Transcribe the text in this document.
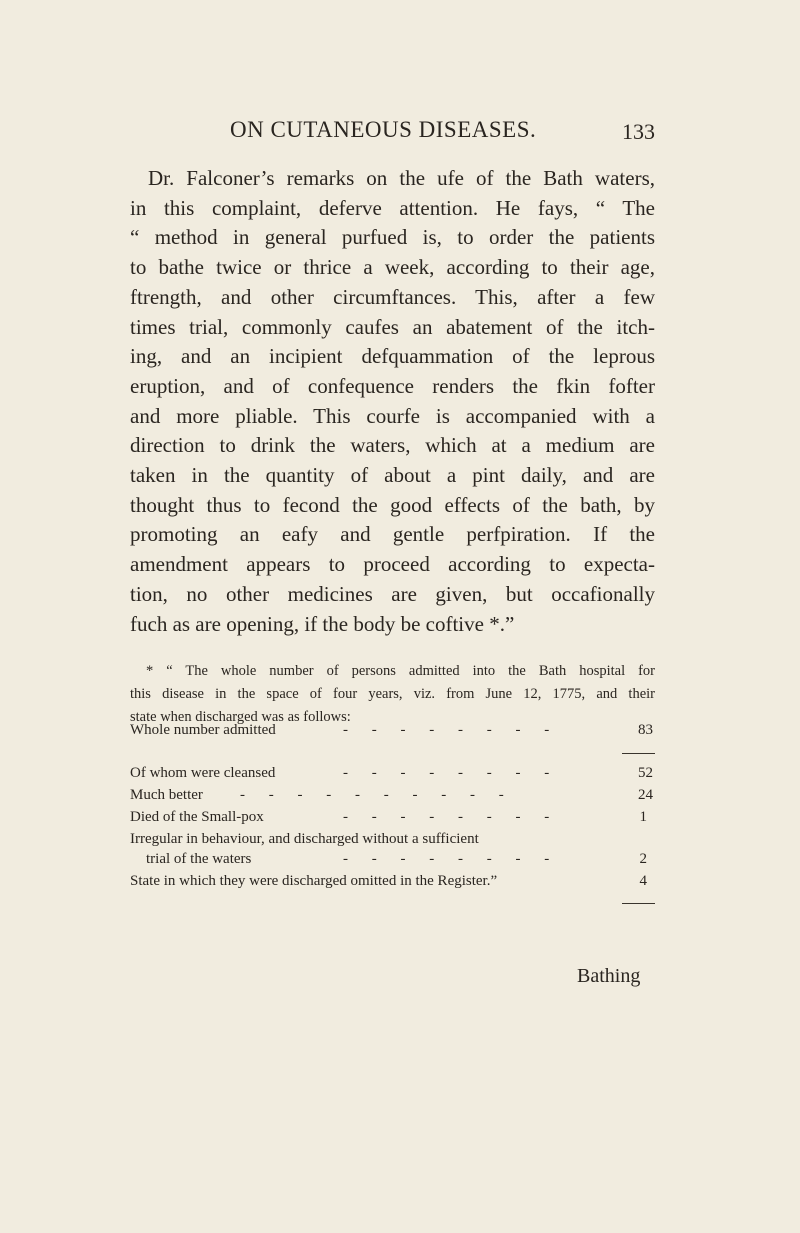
ON CUTANEOUS DISEASES.	133
Dr. Falconer’s remarks on the ufe of the Bath waters,
in this complaint, deferve attention. He fays, “ The
“ method in general purfued is, to order the patients
to bathe twice or thrice a week, according to their age,
ftrength, and other circumftances. This, after a few
times trial, commonly caufes an abatement of the itch-
ing, and an incipient defquammation of the leprous
eruption, and of confequence renders the fkin fofter
and more pliable. This courfe is accompanied with a
direction to drink the waters, which at a medium are
taken in the quantity of about a pint daily, and are
thought thus to fecond the good effects of the bath, by
promoting an eafy and gentle perfpiration. If the
amendment appears to proceed according to expecta-
tion, no other medicines are given, but occafionally
fuch as are opening, if the body be coftive *.”
* “ The whole number of persons admitted into the Bath hospital for
this disease in the space of four years, viz. from June 12, 1775, and their
state when discharged was as follows:
Whole number admitted	- - - - - - - -	83
Of whom were cleansed	- - - - - - - -	52
Much better - - - - - - - - - -	24
Died of the Small-pox	- - - - - - - -	1
Irregular in behaviour, and discharged without a sufficient
trial of the waters	- - - - - - - -	2
State in which they were discharged omitted in the Register.”	4
Bathing
